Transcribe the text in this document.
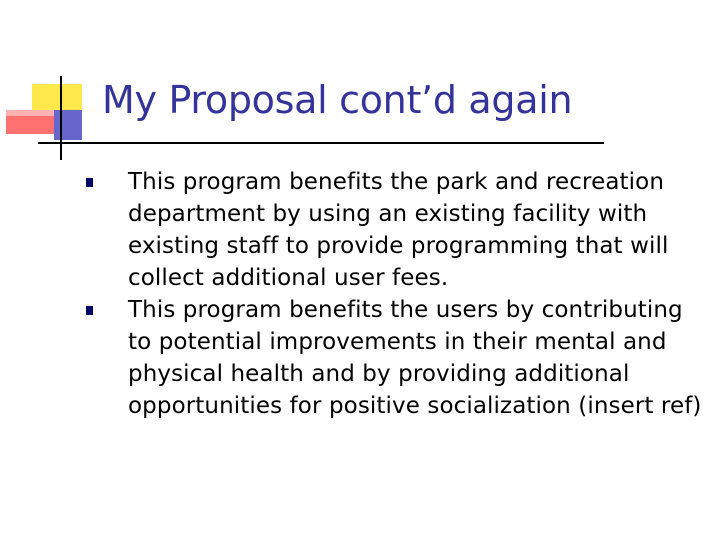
My Proposal cont’d again
This program benefits the park and recreation department by using an existing facility with existing staff to provide programming that will collect additional user fees.
This program benefits the users by contributing to potential improvements in their mental and physical health and by providing additional opportunities for positive socialization (insert ref)
